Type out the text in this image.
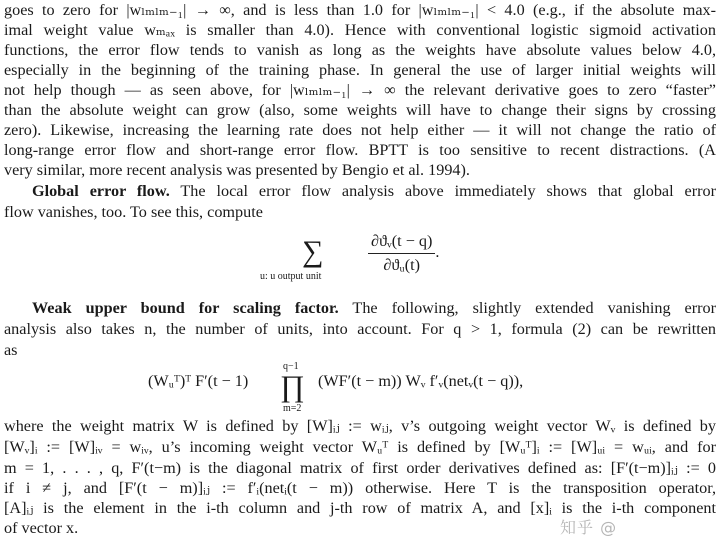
goes to zero for |wₗₘₗₘ₋₁| → ∞, and is less than 1.0 for |wₗₘₗₘ₋₁| < 4.0 (e.g., if the absolute max-
imal weight value wₘₐₓ is smaller than 4.0). Hence with conventional logistic sigmoid activation
functions, the error flow tends to vanish as long as the weights have absolute values below 4.0,
especially in the beginning of the training phase. In general the use of larger initial weights will
not help though — as seen above, for |wₗₘₗₘ₋₁| → ∞ the relevant derivative goes to zero “faster”
than the absolute weight can grow (also, some weights will have to change their signs by crossing
zero). Likewise, increasing the learning rate does not help either — it will not change the ratio of
long-range error flow and short-range error flow. BPTT is too sensitive to recent distractions. (A
very similar, more recent analysis was presented by Bengio et al. 1994).
Global error flow. The local error flow analysis above immediately shows that global error
flow vanishes, too. To see this, compute
∑
u: u output unit
$\frac{\text{∂ϑᵥ(t − q)}}{\text{∂ϑᵤ(t)}}$ .
Weak upper bound for scaling factor. The following, slightly extended vanishing error
analysis also takes n, the number of units, into account. For q > 1, formula (2) can be rewritten
as
(Wᵤᵀ)ᵀ F′(t − 1)
q−1
∏
m=2
(WF′(t − m)) Wᵥ f′ᵥ(netᵥ(t − q)),
where the weight matrix W is defined by [W]ᵢⱼ := wᵢⱼ, v’s outgoing weight vector Wᵥ is defined by
[Wᵥ]ᵢ := [W]ᵢᵥ = wᵢᵥ, u’s incoming weight vector Wᵤᵀ is defined by [Wᵤᵀ]ᵢ := [W]ᵤᵢ = wᵤᵢ, and for
m = 1, . . . , q, F′(t−m) is the diagonal matrix of first order derivatives defined as: [F′(t−m)]ᵢⱼ := 0
if i ≠ j, and [F′(t − m)]ᵢⱼ := f′ᵢ(netᵢ(t − m)) otherwise. Here T is the transposition operator,
[A]ᵢⱼ is the element in the i-th column and j-th row of matrix A, and [x]ᵢ is the i-th component
of vector x.	知乎 @
